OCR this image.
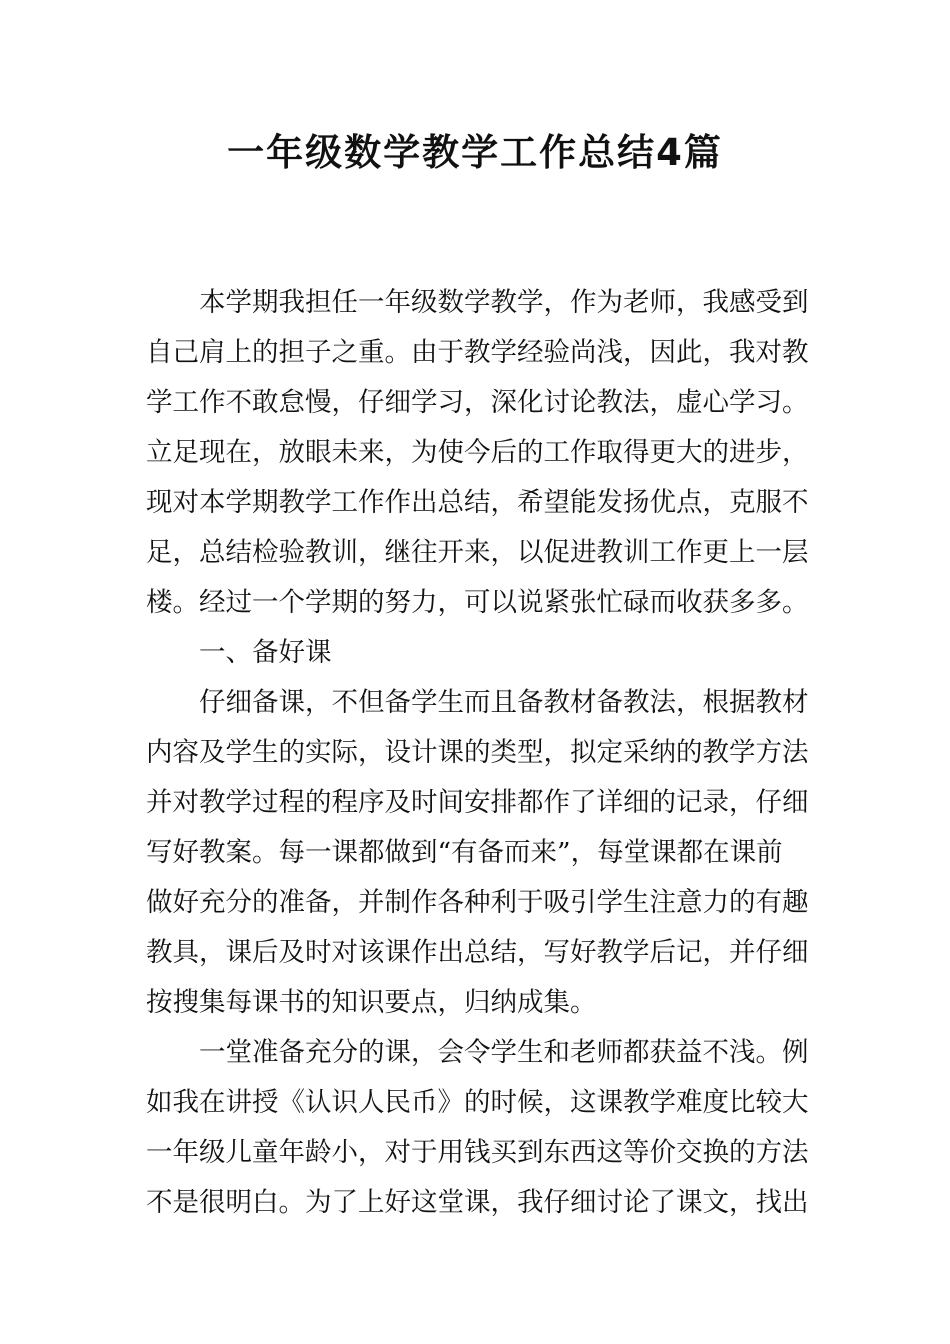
一年级数学教学工作总结4篇

本学期我担任一年级数学教学，作为老师，我感受到
自己肩上的担子之重。由于教学经验尚浅，因此，我对教
学工作不敢怠慢，仔细学习，深化讨论教法，虚心学习。
立足现在，放眼未来，为使今后的工作取得更大的进步，
现对本学期教学工作作出总结，希望能发扬优点，克服不
足，总结检验教训，继往开来，以促进教训工作更上一层
楼。经过一个学期的努力，可以说紧张忙碌而收获多多。

一、备好课

仔细备课，不但备学生而且备教材备教法，根据教材
内容及学生的实际，设计课的类型，拟定采纳的教学方法
并对教学过程的程序及时间安排都作了详细的记录，仔细
写好教案。每一课都做到“有备而来”，每堂课都在课前
做好充分的准备，并制作各种利于吸引学生注意力的有趣
教具，课后及时对该课作出总结，写好教学后记，并仔细
按搜集每课书的知识要点，归纳成集。

一堂准备充分的课，会令学生和老师都获益不浅。例
如我在讲授《认识人民币》的时候，这课教学难度比较大
一年级儿童年龄小，对于用钱买到东西这等价交换的方法
不是很明白。为了上好这堂课，我仔细讨论了课文，找出
